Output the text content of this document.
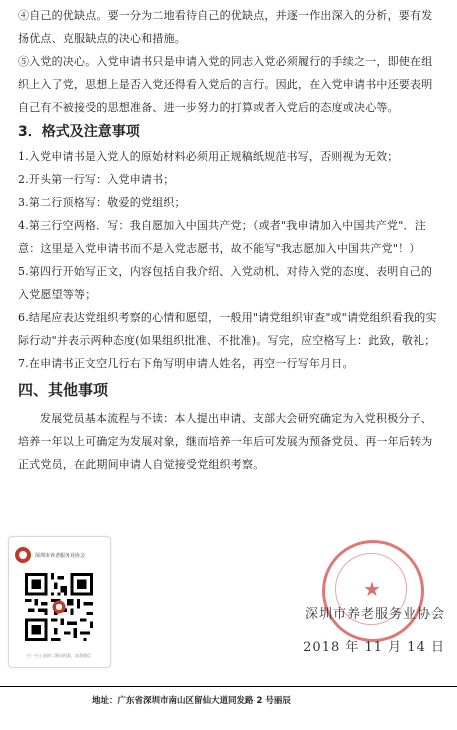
④自己的优缺点。要一分为二地看待自己的优缺点，并逐一作出深入的分析，要有发扬优点、克服缺点的决心和措施。

⑤入党的决心。入党申请书只是申请入党的同志入党必须履行的手续之一，即使在组织上入了党，思想上是否入党还得看入党后的言行。因此，在入党申请书中还要表明自己有不被接受的思想准备、进一步努力的打算或者入党后的态度或决心等。

3．格式及注意事项

1.入党申请书是入党人的原始材料必须用正规稿纸规范书写，否则视为无效；

2.开头第一行写：入党申请书；

3.第二行顶格写：敬爱的党组织；

4.第三行空两格．写：我自愿加入中国共产党；（或者"我申请加入中国共产党"．注意：这里是入党申请书而不是入党志愿书，故不能写"我志愿加入中国共产党"！）

5.第四行开始写正文，内容包括自我介绍、入党动机、对待入党的态度、表明自己的入党愿望等等；

6.结尾应表达党组织考察的心情和愿望，一般用"请党组织审查"或"请党组织看我的实际行动"并表示两种态度(如果组织批准、不批准)。写完，应空格写上：此致，敬礼；

7.在申请书正文空几行右下角写明申请人姓名，再空一行写年月日。

四、其他事项

发展党员基本流程与不读：本人提出申请、支部大会研究确定为入党积极分子、培养一年以上可确定为发展对象，继而培养一年后可发展为预备党员、再一年后转为正式党员，在此期间申请人自觉接受党组织考察。

深圳市养老服务业协会
扫一扫上面的二维码图案，加我微信
★
深圳市养老服务业协会
2018 年 11 月 14 日
地址：广东省深圳市南山区留仙大道同发路 2 号丽辰
